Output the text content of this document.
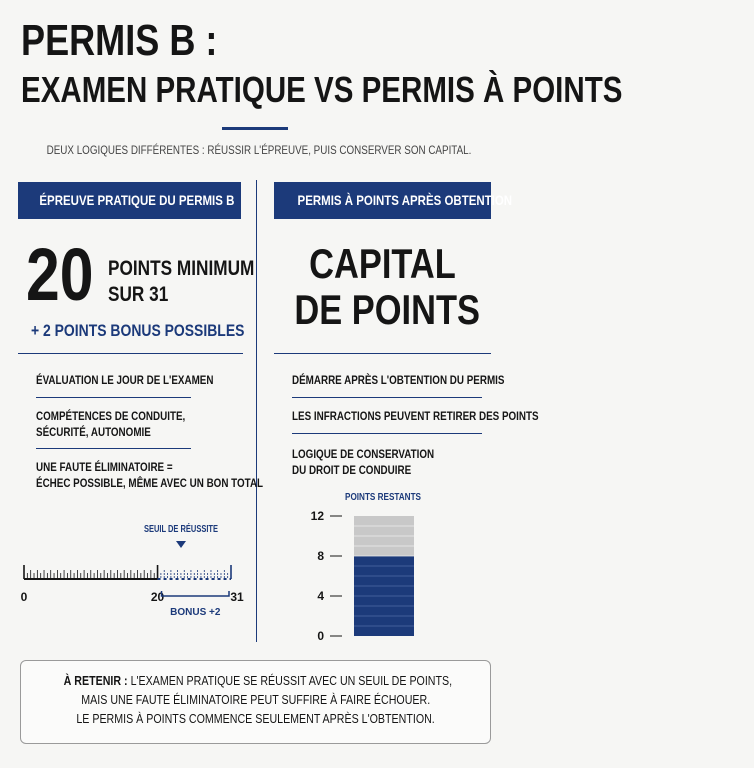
PERMIS B :
EXAMEN PRATIQUE VS PERMIS À POINTS
DEUX LOGIQUES DIFFÉRENTES : RÉUSSIR L'ÉPREUVE, PUIS CONSERVER SON CAPITAL.
ÉPREUVE PRATIQUE DU PERMIS B	PERMIS À POINTS APRÈS OBTENTION
20 POINTS MINIMUM
SUR 31
+ 2 POINTS BONUS POSSIBLES
ÉVALUATION LE JOUR DE L'EXAMEN
COMPÉTENCES DE CONDUITE,
SÉCURITÉ, AUTONOMIE
UNE FAUTE ÉLIMINATOIRE =
ÉCHEC POSSIBLE, MÊME AVEC UN BON TOTAL
SEUIL DE RÉUSSITE
0	20	31
BONUS +2
CAPITAL
DE POINTS
DÉMARRE APRÈS L'OBTENTION DU PERMIS
LES INFRACTIONS PEUVENT RETIRER DES POINTS
LOGIQUE DE CONSERVATION
DU DROIT DE CONDUIRE
POINTS RESTANTS
12
8
4
0
À RETENIR : L'EXAMEN PRATIQUE SE RÉUSSIT AVEC UN SEUIL DE POINTS,
MAIS UNE FAUTE ÉLIMINATOIRE PEUT SUFFIRE À FAIRE ÉCHOUER.
LE PERMIS À POINTS COMMENCE SEULEMENT APRÈS L'OBTENTION.
